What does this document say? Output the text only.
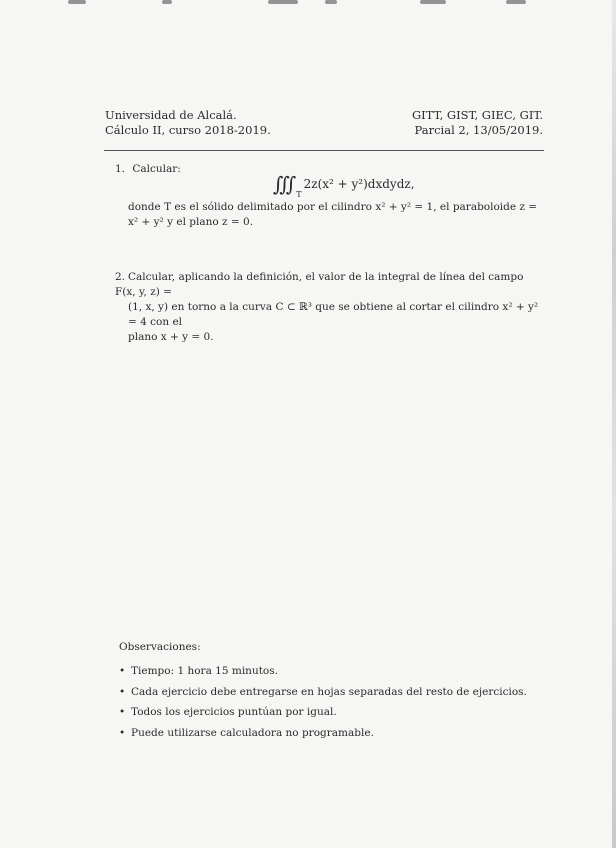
Universidad de Alcalá.
Cálculo II, curso 2018-2019.
GITT, GIST, GIEC, GIT.
Parcial 2, 13/05/2019.
1. Calcular:
∫∫∫ $_T$2z(x² + y²)dxdydz,
donde T es el sólido delimitado por el cilindro x² + y² = 1, el paraboloide z = x² + y² y el plano z = 0.
2. Calcular, aplicando la definición, el valor de la integral de línea del campo F(x, y, z) =
(1, x, y) en torno a la curva C ⊂ ℝ³ que se obtiene al cortar el cilindro x² + y² = 4 con el
plano x + y = 0.
Observaciones:
• Tiempo: 1 hora 15 minutos.
• Cada ejercicio debe entregarse en hojas separadas del resto de ejercicios.
• Todos los ejercicios puntúan por igual.
• Puede utilizarse calculadora no programable.
